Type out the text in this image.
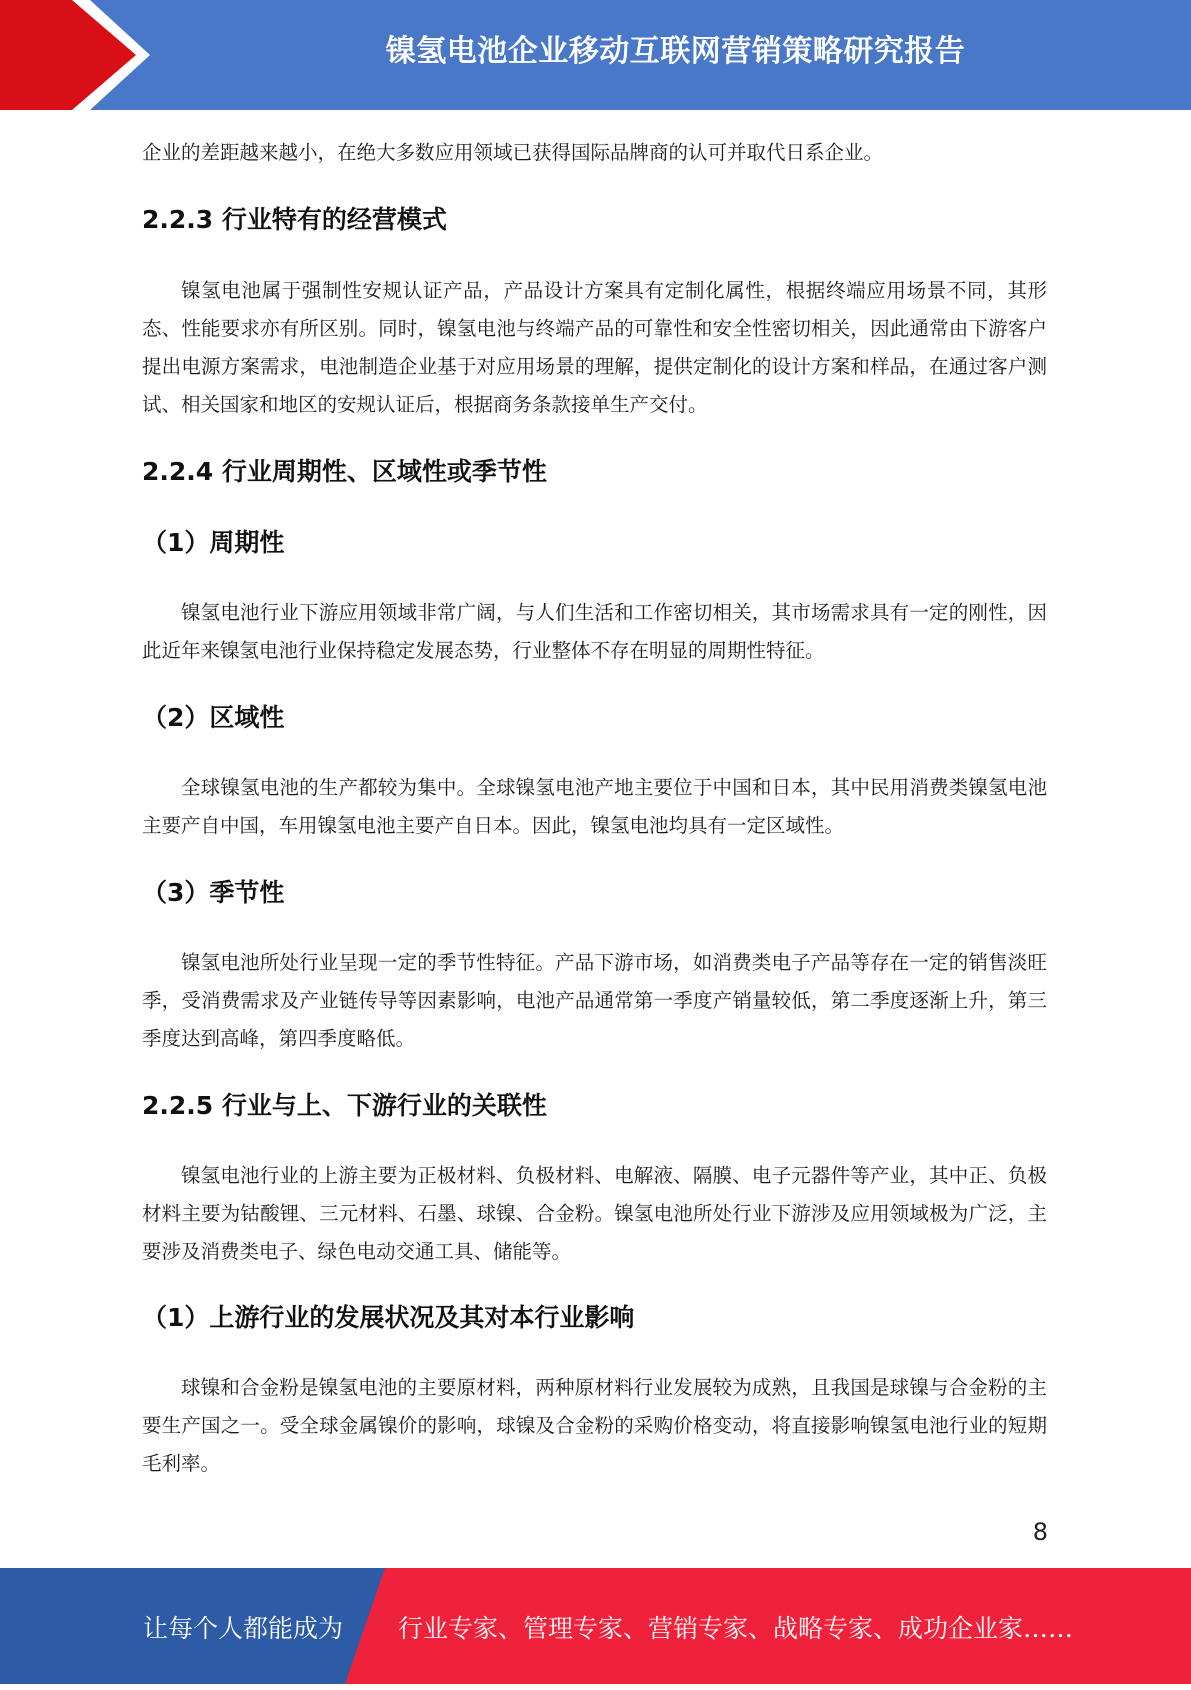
镍氢电池企业移动互联网营销策略研究报告

企业的差距越来越小，在绝大多数应用领域已获得国际品牌商的认可并取代日系企业。

2.2.3 行业特有的经营模式

镍氢电池属于强制性安规认证产品，产品设计方案具有定制化属性，根据终端应用场景不同，其形态、性能要求亦有所区别。同时，镍氢电池与终端产品的可靠性和安全性密切相关，因此通常由下游客户提出电源方案需求，电池制造企业基于对应用场景的理解，提供定制化的设计方案和样品，在通过客户测试、相关国家和地区的安规认证后，根据商务条款接单生产交付。

2.2.4 行业周期性、区域性或季节性
（1）周期性

镍氢电池行业下游应用领域非常广阔，与人们生活和工作密切相关，其市场需求具有一定的刚性，因此近年来镍氢电池行业保持稳定发展态势，行业整体不存在明显的周期性特征。

（2）区域性

全球镍氢电池的生产都较为集中。全球镍氢电池产地主要位于中国和日本，其中民用消费类镍氢电池主要产自中国，车用镍氢电池主要产自日本。因此，镍氢电池均具有一定区域性。

（3）季节性

镍氢电池所处行业呈现一定的季节性特征。产品下游市场，如消费类电子产品等存在一定的销售淡旺季，受消费需求及产业链传导等因素影响，电池产品通常第一季度产销量较低，第二季度逐渐上升，第三季度达到高峰，第四季度略低。

2.2.5 行业与上、下游行业的关联性

镍氢电池行业的上游主要为正极材料、负极材料、电解液、隔膜、电子元器件等产业，其中正、负极材料主要为钴酸锂、三元材料、石墨、球镍、合金粉。镍氢电池所处行业下游涉及应用领域极为广泛，主要涉及消费类电子、绿色电动交通工具、储能等。

（1）上游行业的发展状况及其对本行业影响

球镍和合金粉是镍氢电池的主要原材料，两种原材料行业发展较为成熟，且我国是球镍与合金粉的主要生产国之一。受全球金属镍价的影响，球镍及合金粉的采购价格变动，将直接影响镍氢电池行业的短期毛利率。

8
让每个人都能成为 行业专家、管理专家、营销专家、战略专家、成功企业家……
